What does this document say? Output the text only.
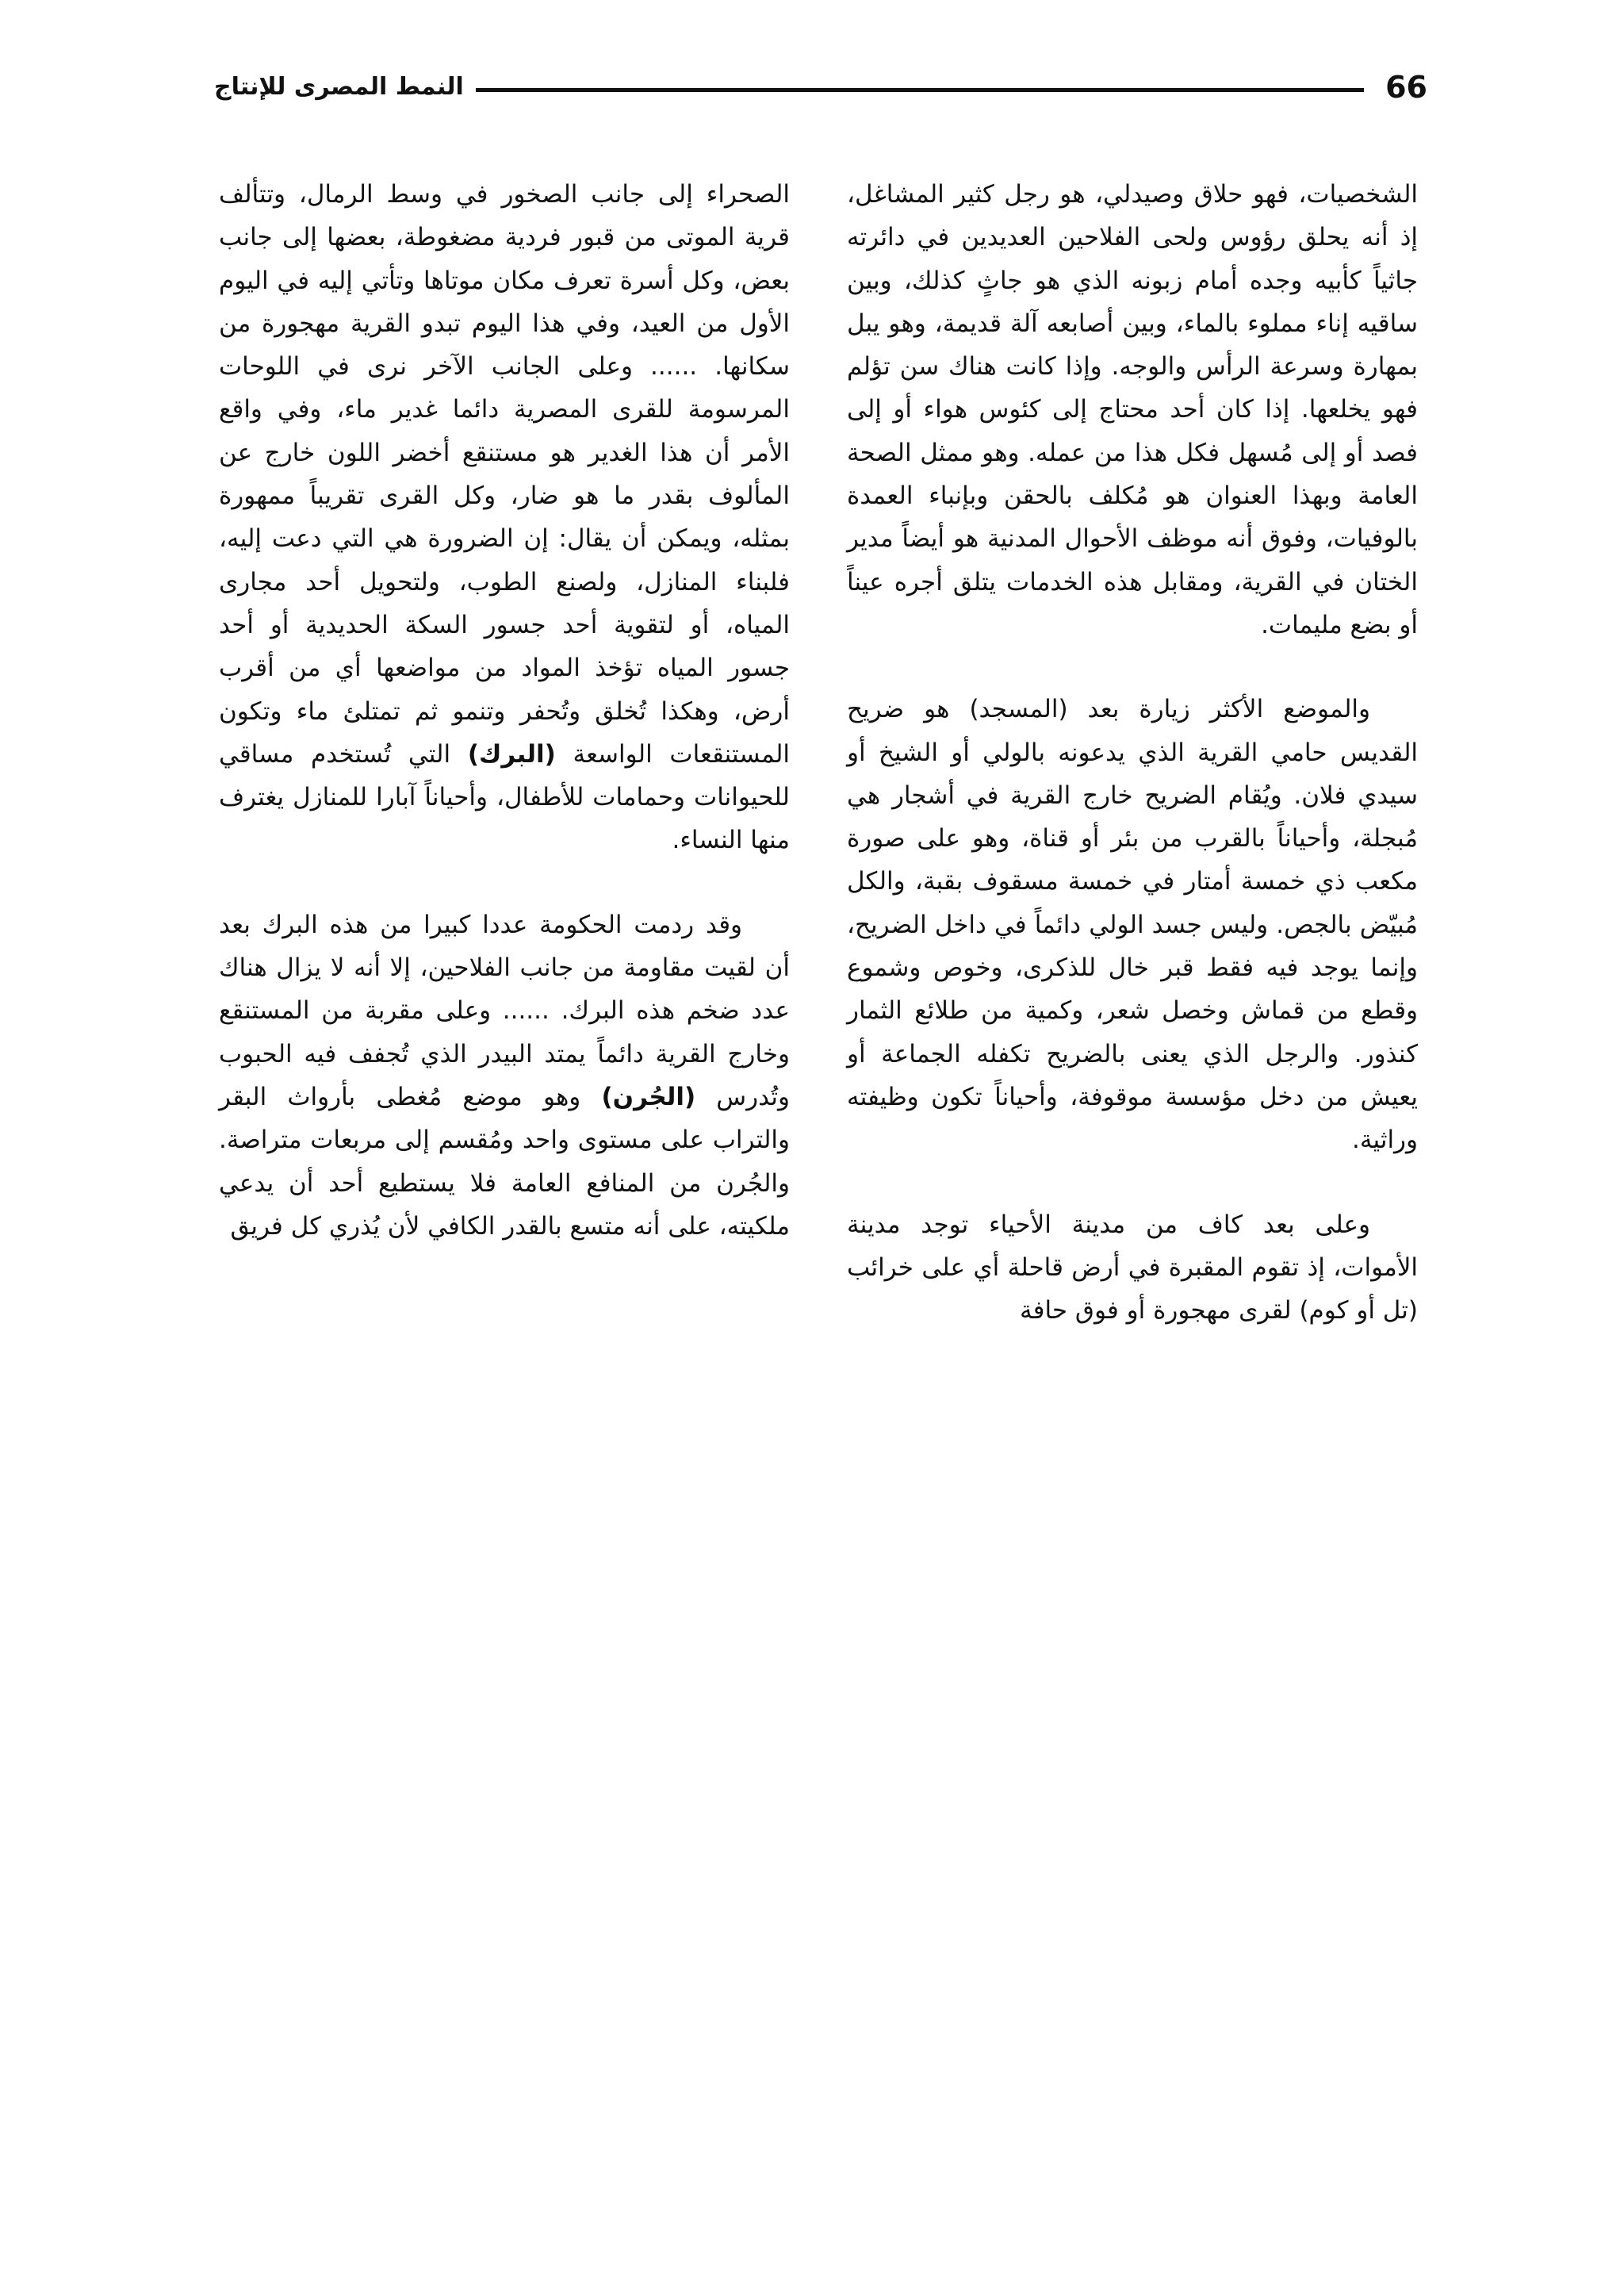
66
النمط المصرى للإنتاج

الشخصيات، فهو حلاق وصيدلي، هو رجل كثير المشاغل، إذ أنه يحلق رؤوس ولحى الفلاحين العديدين في دائرته جاثياً كأبيه وجده أمام زبونه الذي هو جاثٍ كذلك، وبين ساقيه إناء مملوء بالماء، وبين أصابعه آلة قديمة، وهو يبل بمهارة وسرعة الرأس والوجه. وإذا كانت هناك سن تؤلم فهو يخلعها. إذا كان أحد محتاج إلى كئوس هواء أو إلى فصد أو إلى مُسهل فكل هذا من عمله. وهو ممثل الصحة العامة وبهذا العنوان هو مُكلف بالحقن وبإنباء العمدة بالوفيات، وفوق أنه موظف الأحوال المدنية هو أيضاً مدير الختان في القرية، ومقابل هذه الخدمات يتلق أجره عيناً أو بضع مليمات.

والموضع الأكثر زيارة بعد (المسجد) هو ضريح القديس حامي القرية الذي يدعونه بالولي أو الشيخ أو سيدي فلان. ويُقام الضريح خارج القرية في أشجار هي مُبجلة، وأحياناً بالقرب من بئر أو قناة، وهو على صورة مكعب ذي خمسة أمتار في خمسة مسقوف بقبة، والكل مُبيّض بالجص. وليس جسد الولي دائماً في داخل الضريح، وإنما يوجد فيه فقط قبر خال للذكرى، وخوص وشموع وقطع من قماش وخصل شعر، وكمية من طلائع الثمار كنذور. والرجل الذي يعنى بالضريح تكفله الجماعة أو يعيش من دخل مؤسسة موقوفة، وأحياناً تكون وظيفته وراثية.

وعلى بعد كاف من مدينة الأحياء توجد مدينة الأموات، إذ تقوم المقبرة في أرض قاحلة أي على خرائب (تل أو كوم) لقرى مهجورة أو فوق حافة

الصحراء إلى جانب الصخور في وسط الرمال، وتتألف قرية الموتى من قبور فردية مضغوطة، بعضها إلى جانب بعض، وكل أسرة تعرف مكان موتاها وتأتي إليه في اليوم الأول من العيد، وفي هذا اليوم تبدو القرية مهجورة من سكانها. ...... وعلى الجانب الآخر نرى في اللوحات المرسومة للقرى المصرية دائما غدير ماء، وفي واقع الأمر أن هذا الغدير هو مستنقع أخضر اللون خارج عن المألوف بقدر ما هو ضار، وكل القرى تقريباً ممهورة بمثله، ويمكن أن يقال: إن الضرورة هي التي دعت إليه، فلبناء المنازل، ولصنع الطوب، ولتحويل أحد مجارى المياه، أو لتقوية أحد جسور السكة الحديدية أو أحد جسور المياه تؤخذ المواد من مواضعها أي من أقرب أرض، وهكذا تُخلق وتُحفر وتنمو ثم تمتلئ ماء وتكون المستنقعات الواسعة (البرك) التي تُستخدم مساقي للحيوانات وحمامات للأطفال، وأحياناً آبارا للمنازل يغترف منها النساء.

وقد ردمت الحكومة عددا كبيرا من هذه البرك بعد أن لقيت مقاومة من جانب الفلاحين، إلا أنه لا يزال هناك عدد ضخم هذه البرك. ...... وعلى مقربة من المستنقع وخارج القرية دائماً يمتد البيدر الذي تُجفف فيه الحبوب وتُدرس (الجُرن) وهو موضع مُغطى بأرواث البقر والتراب على مستوى واحد ومُقسم إلى مربعات متراصة. والجُرن من المنافع العامة فلا يستطيع أحد أن يدعي ملكيته، على أنه متسع بالقدر الكافي لأن يُذري كل فريق
